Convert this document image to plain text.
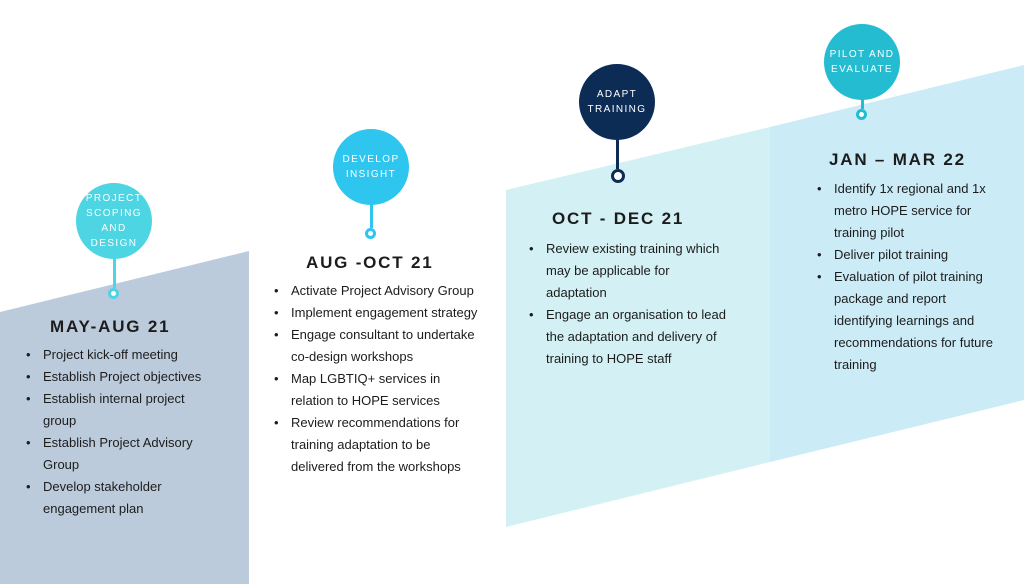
PROJECT
SCOPING
AND DESIGN
MAY-AUG 21
• Project kick-off meeting
• Establish Project objectives
• Establish internal project group
• Establish Project Advisory Group
• Develop stakeholder engagement plan
DEVELOP
INSIGHT
AUG -OCT 21
• Activate Project Advisory Group
• Implement engagement strategy
• Engage consultant to undertake co-design workshops
• Map LGBTIQ+ services in relation to HOPE services
• Review recommendations for training adaptation to be delivered from the workshops
ADAPT
TRAINING
OCT - DEC 21
• Review existing training which may be applicable for adaptation
• Engage an organisation to lead the adaptation and delivery of training to HOPE staff
PILOT AND
EVALUATE
JAN – MAR 22
• Identify 1x regional and 1x metro HOPE service for training pilot
• Deliver pilot training
• Evaluation of pilot training package and report identifying learnings and recommendations for future training
